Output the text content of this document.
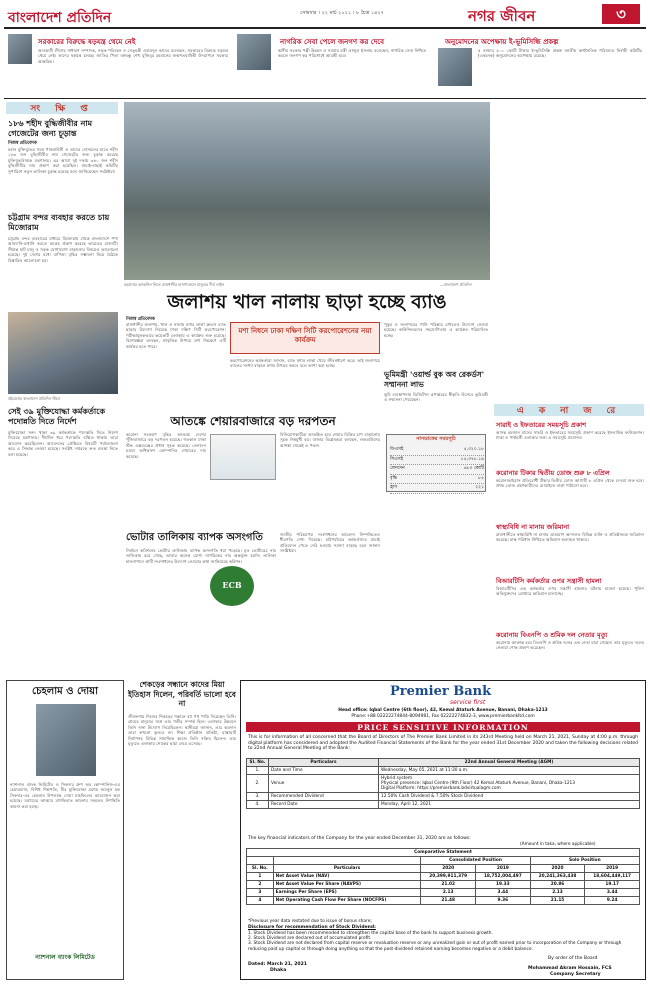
বাংলাদেশ প্রতিদিন	সোমবার । ২২ মার্চ ২০২১ । ৮ চৈত্র ১৪২৭	নগর জীবন	৩
সরকারের বিরুদ্ধে ষড়যন্ত্র থেমে নেই
আওয়ামী লীগের সাধারণ সম্পাদক, সড়ক পরিবহন ও সেতুমন্ত্রী ওবায়দুল কাদের বলেছেন, সরকারের বিরুদ্ধে ষড়যন্ত্র থেমে নেই। তাদের ষড়যন্ত্র চলছে। জাতির পিতা বঙ্গবন্ধু শেখ মুজিবুর রহমানের জন্মশতবার্ষিকী উদযাপনে সরকার আন্তরিক।
নাগরিক সেবা পেলে জনগণ কর দেবে
স্থানীয় সরকার পল্লী উন্নয়ন ও সমবায় মন্ত্রী তাজুল ইসলাম বলেছেন, নাগরিক সেবা নিশ্চিত করলে জনগণ কর পরিশোধে আগ্রহী হবে।
অনুমোদনের অপেক্ষায় ই-ভূমিসিন্ধি প্রকল্প
৫ হাজার ৮০০ কোটি টাকার ই-ভূমিসিন্ধি প্রকল্প জাতীয় অর্থনৈতিক পরিষদের নির্বাহী কমিটির (একনেক) অনুমোদনের অপেক্ষায় রয়েছে।
সং ক্ষি প্ত
১৮৬ শহীদ বুদ্ধিজীবীর নাম গেজেটের জন্য চূড়ান্ত
নিজস্ব প্রতিবেদক
মহান মুক্তিযুদ্ধের সময় পাকবাহিনী ও তাদের দোসরদের হাতে শহীদ ১৮৬ জন বুদ্ধিজীবীর নাম গেজেটের জন্য চূড়ান্ত করেছে মুক্তিযুদ্ধবিষয়ক মন্ত্রণালয়। এর আগে দুই দফায় ৩৪০ জন শহীদ বুদ্ধিজীবীর নাম প্রকাশ করা হয়েছিল। যাচাই-বাছাই কমিটির সুপারিশে নতুন তালিকা চূড়ান্ত হয়েছে বলে জানিয়েছেন সংশ্লিষ্টরা।
চট্টগ্রাম বন্দর ব্যবহার করতে চায় মিজোরাম
চট্টগ্রাম বন্দর ব্যবহারের মাধ্যমে মিজোরাম থেকে বাংলাদেশে পণ্য আমদানি-রপ্তানি করতে আগ্রহ প্রকাশ করেছে ভারতের রাজ্যটি। সীমান্ত হাট চালু ও সড়ক যোগাযোগ বাড়ানোর বিষয়েও আলোচনা হয়েছে। দুই দেশের মধ্যে বাণিজ্য বৃদ্ধির সম্ভাবনা নিয়ে বৈঠকে বিস্তারিত আলোচনা হয়।
বইমেলায় বাংলাদেশ প্রতিদিন স্টলে
সেই ৩৯ মুক্তিযোদ্ধা কর্মকর্তাকে পদোন্নতি দিতে নির্দেশ
মুক্তিযোদ্ধা সনদ থাকা ৩৯ কর্মকর্তাকে পদোন্নতি দিতে নির্দেশ দিয়েছে মন্ত্রণালয়। দীর্ঘদিন ধরে পদোন্নতি বঞ্চিত থাকায় তারা আবেদন করেছিলেন। আবেদনের প্রেক্ষিতে বিষয়টি পর্যালোচনা করে এ সিদ্ধান্ত নেওয়া হয়েছে। সংশ্লিষ্ট দপ্তরকে দ্রুত ব্যবস্থা নিতে বলা হয়েছে।
করোনার ভ্যাকসিন নিতে রাজধানীর হাসপাতালে মানুষের দীর্ঘ লাইন	—বাংলাদেশ প্রতিদিন
জলাশয় খাল নালায় ছাড়া হচ্ছে ব্যাঙ
নিজস্ব প্রতিবেদক
রাজধানীর জলাশয়, খাল ও নালায় মশার লার্ভা ধ্বংসে ব্যাঙ ছাড়ার উদ্যোগ নিয়েছে ঢাকা দক্ষিণ সিটি করপোরেশন। পরীক্ষামূলকভাবে কয়েকটি এলাকায় এ কার্যক্রম শুরু হয়েছে। বিশেষজ্ঞরা বলছেন, প্রাকৃতিক উপায়ে মশা নিয়ন্ত্রণে এটি কার্যকর হতে পারে।
মশা নিধনে ঢাকা দক্ষিণ সিটি করপোরেশনের নয়া কার্যক্রম
করপোরেশনের কর্মকর্তারা জানান, ব্যাঙ মশার লার্ভা খেয়ে জীবনধারণ করে। তাই জলাশয়ে ব্যাঙের সংখ্যা বাড়লে মশার উপদ্রব কমবে বলে আশা করা হচ্ছে।
পুকুর ও জলাশয়ের পানি পরিষ্কার রাখতেও উদ্যোগ নেওয়া হয়েছে। কাউন্সিলরদের সহযোগিতায় এ কার্যক্রম পরিচালিত হচ্ছে।
ভূমিমন্ত্রী 'ওয়ার্ল্ড বুক অব রেকর্ডস' সম্মাননা লাভ
ভূমি ব্যবস্থাপনায় ডিজিটাল রূপান্তরের স্বীকৃতি হিসেবে ভূমিমন্ত্রী এ সম্মাননা পেয়েছেন।
আতঙ্কে শেয়ারবাজারে বড় দরপতন
করোনা সংক্রমণ বৃদ্ধির আতঙ্কে দেশের পুঁজিবাজারে বড় দরপতন হয়েছে। গতকাল ঢাকা স্টক এক্সচেঞ্জের প্রধান সূচক কমেছে। লেনদেন হওয়া অধিকাংশ কোম্পানির শেয়ারের দাম কমেছে।
বিনিয়োগকারীরা আতঙ্কিত হয়ে শেয়ার বিক্রির চাপ বাড়ানোয় সূচক নিম্নমুখী হয়। বাজার বিশ্লেষকরা বলছেন, লকডাউনের আশঙ্কা থেকেই এ পতন।
নাসডাকের সময়সূচি
ডিএসই	৫,৩২০.১৮
সিএসই	১৫,৩৭৮.১৯
লেনদেন	৬৮০ কোটি
বৃদ্ধি	৮৫
হ্রাস	২২১
ভোটার তালিকায় ব্যাপক অসংগতি
নির্বাচন কমিশনের ভোটার তালিকায় ব্যাপক অসংগতি ধরা পড়েছে। মৃত ভোটারের নাম তালিকায় রয়ে গেছে, আবার অনেক যোগ্য নাগরিকের নাম অন্তর্ভুক্ত হয়নি। তালিকা হালনাগাদে ত্রুটি সংশোধনের উদ্যোগ নেওয়ার কথা জানিয়েছে কমিশন।
ECB
জাতীয় পরিচয়পত্র সংশোধনের আবেদন নিষ্পত্তিতেও ধীরগতি দেখা দিয়েছে। মাঠপর্যায়ের কর্মকর্তাদের যাচাই প্রতিবেদন পেতে দেরি হওয়ায় সমস্যা বাড়ছে বলে জানান সংশ্লিষ্টরা।
এ ক না জ রে
সারাই ও ইফতারের সময়সূচি প্রকাশ
আসন্ন রমজান মাসের সাহরি ও ইফতারের সময়সূচি প্রকাশ করেছে ইসলামিক ফাউন্ডেশন। ঢাকা ও পার্শ্ববর্তী এলাকার জন্য এ সময়সূচি প্রযোজ্য।
করোনার টিকার দ্বিতীয় ডোজ শুরু ৮ এপ্রিল
করোনাভাইরাস প্রতিরোধী টিকার দ্বিতীয় ডোজ আগামী ৮ এপ্রিল থেকে দেওয়া শুরু হবে। প্রথম ডোজ গ্রহণকারীদের মোবাইলে বার্তা পাঠানো হবে।
স্বাস্থ্যবিধি না মানায় জরিমানা
রাজধানীতে স্বাস্থ্যবিধি না মানায় ভ্রাম্যমাণ আদালত বিভিন্ন ব্যক্তি ও প্রতিষ্ঠানকে জরিমানা করেছে। মাস্ক পরিধান নিশ্চিতে অভিযান অব্যাহত থাকবে।
বিআরটিসি কর্মকর্তার ওপর সন্ত্রাসী হামলা
বিআরটিসির এক কর্মকর্তার ওপর সন্ত্রাসী হামলার ঘটনায় মামলা হয়েছে। পুলিশ অভিযুক্তদের গ্রেপ্তারে অভিযান চালাচ্ছে।
করোনায় বিএনপি ও শ্রমিক দল নেতার মৃত্যু
করোনায় আক্রান্ত হয়ে বিএনপি ও শ্রমিক দলের এক নেতা মারা গেছেন। তার মৃত্যুতে দলের নেতারা শোক প্রকাশ করেছেন।
চেহলাম ও দোয়া
ন্যাশনাল ব্যাংক লিমিটেড ও সিকদার গ্রুপ অব কোম্পানিজ-এর চেয়ারম্যান, বিশিষ্ট শিল্পপতি, বীর মুক্তিযোদ্ধা মরহুম জয়নুল হক সিকদার-এর চেহলাম উপলক্ষে দোয়া মাহফিলের আয়োজন করা হয়েছে। মরহুমের আত্মার মাগফিরাত কামনায় সকলের উপস্থিতি কামনা করা হচ্ছে।
ন্যাশনাল ব্যাংক লিমিটেড
Premier Bank
service first
Head office: Iqbal Centre (6th floor), 42, Kemal Ataturk Avenue, Banani, Dhaka-1213
Phone:+88 02222274844-8094981, Fax 02222274832-3, www.premierbankltd.com
PRICE SENSITIVE INFORMATION
This is for information of all concerned that the Board of Directors of The Premier Bank Limited in its 243rd Meeting held on March 21, 2021, Sunday at 4:00 p.m. through digital platform has considered and adopted the Audited Financial Statements of the Bank for the year ended 31st December 2020 and taken the following decisions related to 22nd Annual General Meeting of the Bank:
Sl. No.	Particulars	22nd Annual General Meeting (AGM)
1.	Date and Time	Wednesday, May 05, 2021 at 11:30 a.m.
2.	Venue	Hybrid system
Physical presence: Iqbal Centre (9th Floor) 42 Kemal Ataturk Avenue, Banani, Dhaka-1213
Digital Platform: https://premierbank.bdvirtualagm.com
3.	Recommended Dividend	12.50% Cash Dividend & 7.50% Stock Dividend
4.	Record Date	Monday, April 12, 2021
The key financial indicators of the Company for the year ended December 31, 2020 are as follows:
(Amount in taka, where applicable)
Comparative Statement					
		Consolidated Position		Solo Position	
Sl. No.	Particulars	2020	2019	2020	2019
1	Net Asset Value (NAV)	20,399,911,379	18,752,004,497	20,241,363,438	18,604,449,117
2	Net Asset Value Per Share (NAVPS)	21.02	19.33	20.86	19.17
3	Earnings Per Share (EPS)	2.13	3.44	2.13	3.44
4	Net Operating Cash Flow Per Share (NOCFPS)	21.48	9.36	21.15	9.24
*Previous year data restated due to issue of bonus share;
Disclosure for recommendation of Stock Dividend:
1. Stock Dividend has been recommended to strengthen the capital base of the bank to support business growth.
2. Stock Dividend are declared out of accumulated profit.
3. Stock Dividend are not declared from capital reserve or revaluation reserve or any unrealized gain or out of profit earned prior to incorporation of the Company or through reducing paid up capital or through doing anything so that the post-dividend retained earning becomes negative or a debit balance.
By order of the Board
Dated: March 21, 2021
Dhaka	Mohammad Akram Hossain, FCS
Company Secretary
শেকড়ের সন্ধানে কাদের মিয়া ইতিহাস দিলেন, পরিবর্তি ভালো হবে না
জীবদ্দশায় নিজের শিকড়ের সন্ধানে বহু পথ পাড়ি দিয়েছেন তিনি। গ্রামের মানুষের সঙ্গে তার গভীর সম্পর্ক ছিল। এলাকার উন্নয়নে তিনি নানা উদ্যোগ নিয়েছিলেন। স্থানীয়রা জানান, তার অবদান তারা কখনো ভুলবে না। শিক্ষা প্রতিষ্ঠান প্রতিষ্ঠা, রাস্তাঘাট নির্মাণসহ বিভিন্ন সামাজিক কাজে তিনি সক্রিয় ছিলেন। তার মৃত্যুতে এলাকায় শোকের ছায়া নেমে এসেছে।
